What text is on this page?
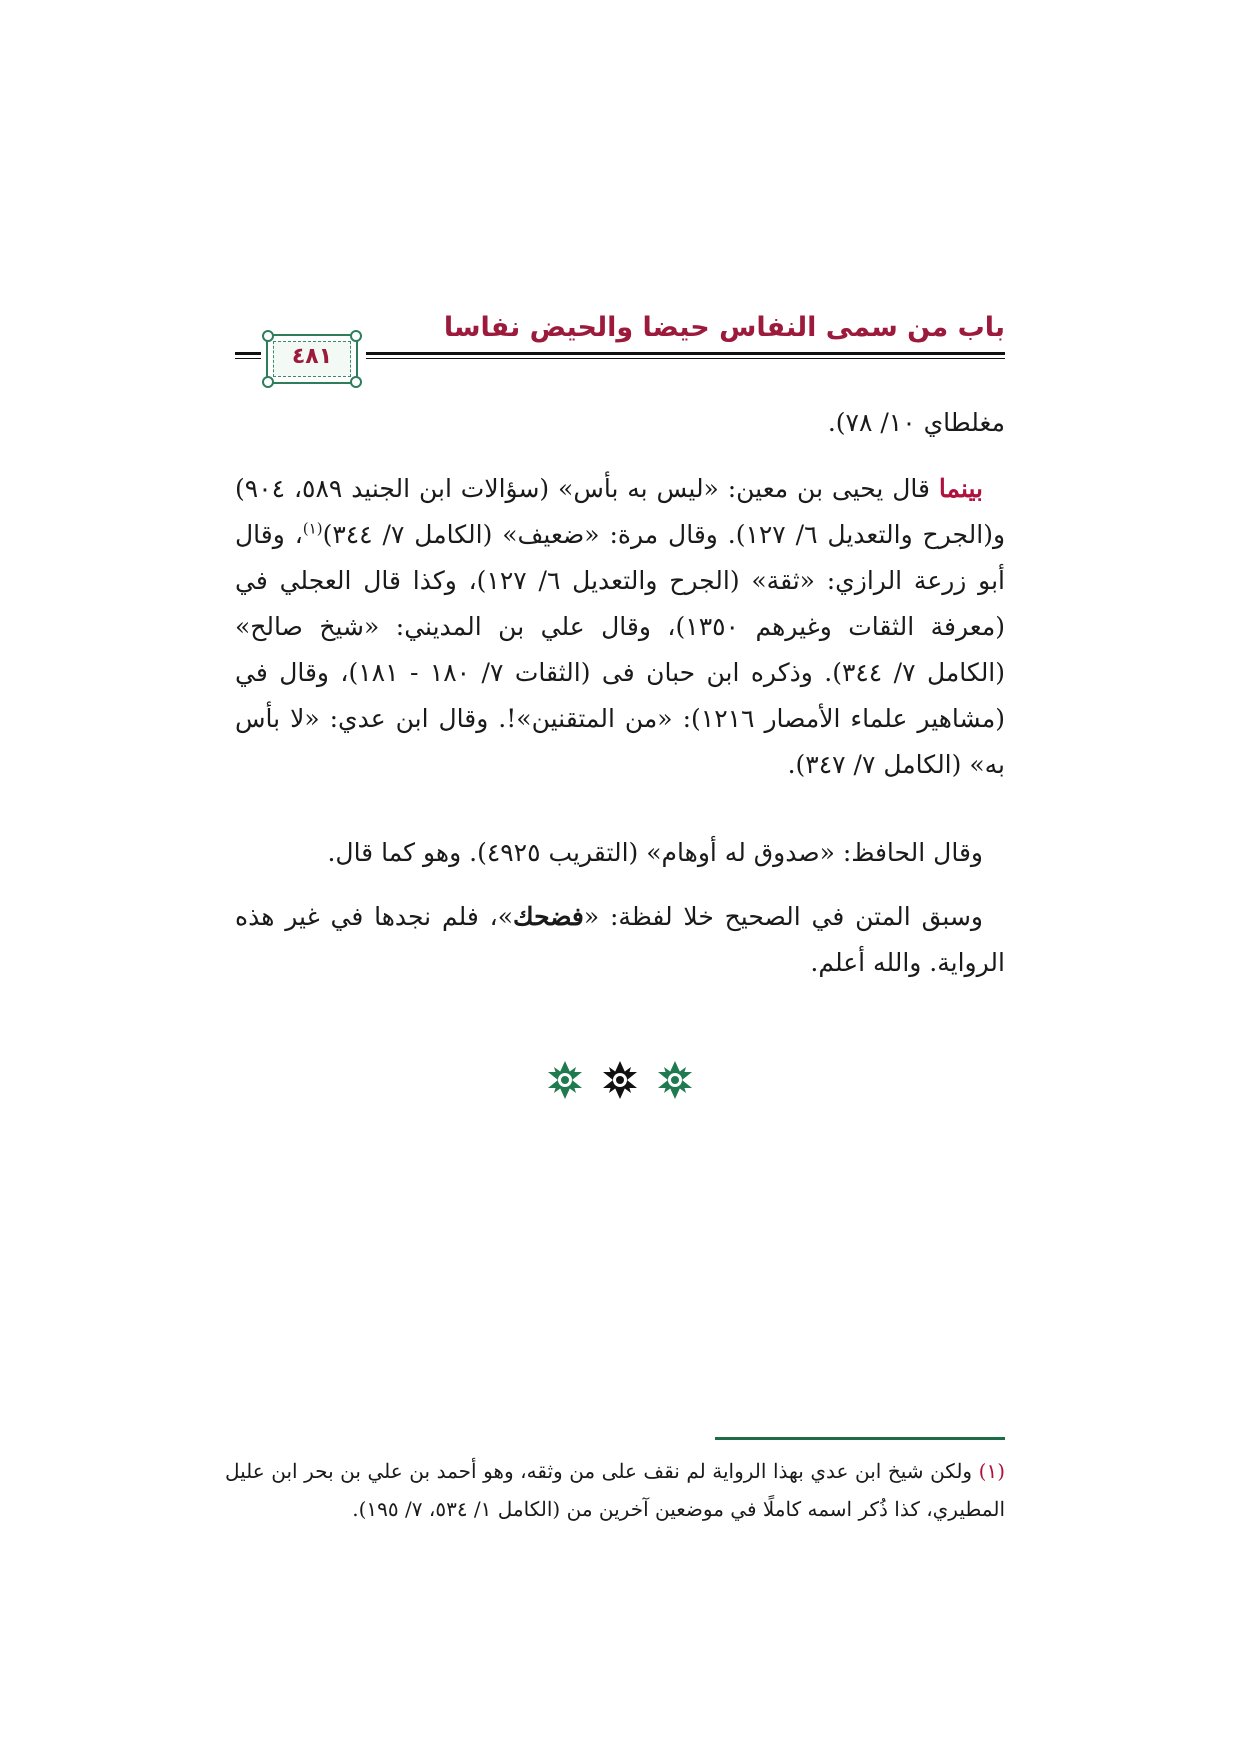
باب من سمى النفاس حيضا والحيض نفاسا
٤٨١
مغلطاي ١٠/ ٧٨).

بينما قال يحيى بن معين: «ليس به بأس» (سؤالات ابن الجنيد ٥٨٩، ٩٠٤) و(الجرح والتعديل ٦/ ١٢٧). وقال مرة: «ضعيف» (الكامل ٧/ ٣٤٤)$^{(١)}$، وقال أبو زرعة الرازي: «ثقة» (الجرح والتعديل ٦/ ١٢٧)، وكذا قال العجلي في (معرفة الثقات وغيرهم ١٣٥٠)، وقال علي بن المديني: «شيخ صالح» (الكامل ٧/ ٣٤٤). وذكره ابن حبان فى (الثقات ٧/ ١٨٠ - ١٨١)، وقال في (مشاهير علماء الأمصار ١٢١٦): «من المتقنين»!. وقال ابن عدي: «لا بأس به» (الكامل ٧/ ٣٤٧).

وقال الحافظ: «صدوق له أوهام» (التقريب ٤٩٢٥). وهو كما قال.

وسبق المتن في الصحيح خلا لفظة: «فضحك»، فلم نجدها في غير هذه الرواية. والله أعلم.

(١) ولكن شيخ ابن عدي بهذا الرواية لم نقف على من وثقه، وهو أحمد بن علي بن بحر ابن عليل المطيري، كذا ذُكر اسمه كاملًا في موضعين آخرين من (الكامل ١/ ٥٣٤، ٧/ ١٩٥).
